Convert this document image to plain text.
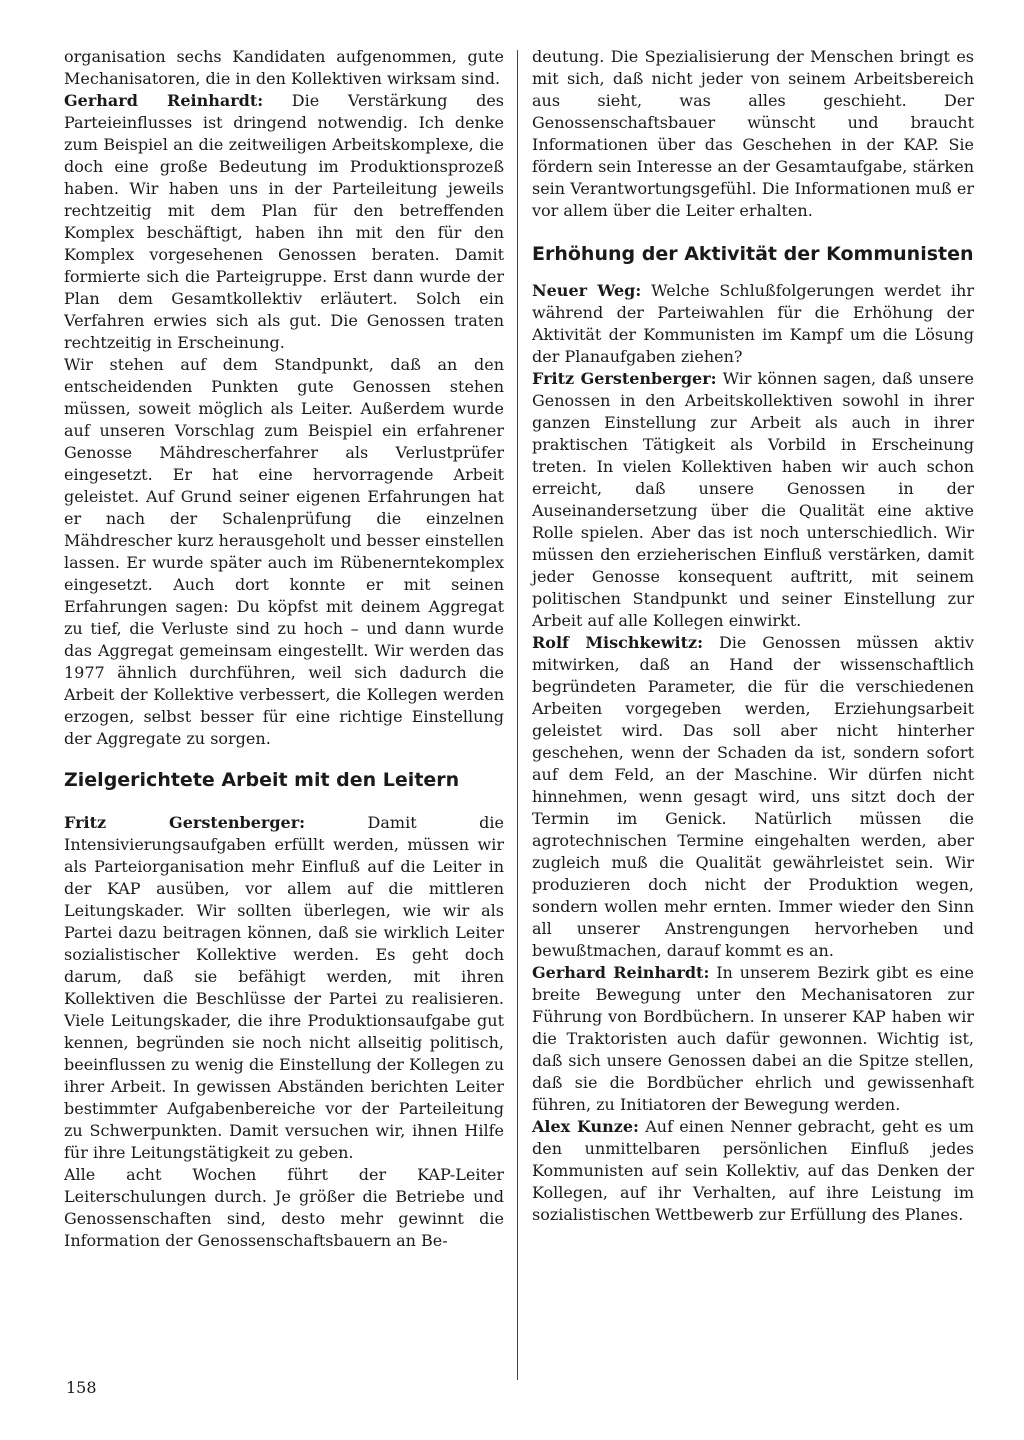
organisation sechs Kandidaten aufgenommen, gute Mechanisatoren, die in den Kollektiven wirksam sind.

Gerhard Reinhardt: Die Verstärkung des Parteieinflusses ist dringend notwendig. Ich denke zum Beispiel an die zeitweiligen Arbeitskomplexe, die doch eine große Bedeutung im Produktionsprozeß haben. Wir haben uns in der Parteileitung jeweils rechtzeitig mit dem Plan für den betreffenden Komplex beschäftigt, haben ihn mit den für den Komplex vorgesehenen Genossen beraten. Damit formierte sich die Parteigruppe. Erst dann wurde der Plan dem Gesamtkollektiv erläutert. Solch ein Verfahren erwies sich als gut. Die Genossen traten rechtzeitig in Erscheinung.

Wir stehen auf dem Standpunkt, daß an den entscheidenden Punkten gute Genossen stehen müssen, soweit möglich als Leiter. Außerdem wurde auf unseren Vorschlag zum Beispiel ein erfahrener Genosse Mähdrescherfahrer als Verlustprüfer eingesetzt. Er hat eine hervorragende Arbeit geleistet. Auf Grund seiner eigenen Erfahrungen hat er nach der Schalenprüfung die einzelnen Mähdrescher kurz herausgeholt und besser einstellen lassen. Er wurde später auch im Rübenerntekomplex eingesetzt. Auch dort konnte er mit seinen Erfahrungen sagen: Du köpfst mit deinem Aggregat zu tief, die Verluste sind zu hoch – und dann wurde das Aggregat gemeinsam eingestellt. Wir werden das 1977 ähnlich durchführen, weil sich dadurch die Arbeit der Kollektive verbessert, die Kollegen werden erzogen, selbst besser für eine richtige Einstellung der Aggregate zu sorgen.

Zielgerichtete Arbeit mit den Leitern

Fritz Gerstenberger: Damit die Intensivierungsaufgaben erfüllt werden, müssen wir als Parteiorganisation mehr Einfluß auf die Leiter in der KAP ausüben, vor allem auf die mittleren Leitungskader. Wir sollten überlegen, wie wir als Partei dazu beitragen können, daß sie wirklich Leiter sozialistischer Kollektive werden. Es geht doch darum, daß sie befähigt werden, mit ihren Kollektiven die Beschlüsse der Partei zu realisieren. Viele Leitungskader, die ihre Produktionsaufgabe gut kennen, begründen sie noch nicht allseitig politisch, beeinflussen zu wenig die Einstellung der Kollegen zu ihrer Arbeit. In gewissen Abständen berichten Leiter bestimmter Aufgabenbereiche vor der Parteileitung zu Schwerpunkten. Damit versuchen wir, ihnen Hilfe für ihre Leitungstätigkeit zu geben.

Alle acht Wochen führt der KAP-Leiter Leiterschulungen durch. Je größer die Betriebe und Genossenschaften sind, desto mehr gewinnt die Information der Genossenschaftsbauern an Be-

deutung. Die Spezialisierung der Menschen bringt es mit sich, daß nicht jeder von seinem Arbeitsbereich aus sieht, was alles geschieht. Der Genossenschaftsbauer wünscht und braucht Informationen über das Geschehen in der KAP. Sie fördern sein Interesse an der Gesamtaufgabe, stärken sein Verantwortungsgefühl. Die Informationen muß er vor allem über die Leiter erhalten.

Erhöhung der Aktivität der Kommunisten

Neuer Weg: Welche Schlußfolgerungen werdet ihr während der Parteiwahlen für die Erhöhung der Aktivität der Kommunisten im Kampf um die Lösung der Planaufgaben ziehen?

Fritz Gerstenberger: Wir können sagen, daß unsere Genossen in den Arbeitskollektiven sowohl in ihrer ganzen Einstellung zur Arbeit als auch in ihrer praktischen Tätigkeit als Vorbild in Erscheinung treten. In vielen Kollektiven haben wir auch schon erreicht, daß unsere Genossen in der Auseinandersetzung über die Qualität eine aktive Rolle spielen. Aber das ist noch unterschiedlich. Wir müssen den erzieherischen Einfluß verstärken, damit jeder Genosse konsequent auftritt, mit seinem politischen Standpunkt und seiner Einstellung zur Arbeit auf alle Kollegen einwirkt.

Rolf Mischkewitz: Die Genossen müssen aktiv mitwirken, daß an Hand der wissenschaftlich begründeten Parameter, die für die verschiedenen Arbeiten vorgegeben werden, Erziehungsarbeit geleistet wird. Das soll aber nicht hinterher geschehen, wenn der Schaden da ist, sondern sofort auf dem Feld, an der Maschine. Wir dürfen nicht hinnehmen, wenn gesagt wird, uns sitzt doch der Termin im Genick. Natürlich müssen die agrotechnischen Termine eingehalten werden, aber zugleich muß die Qualität gewährleistet sein. Wir produzieren doch nicht der Produktion wegen, sondern wollen mehr ernten. Immer wieder den Sinn all unserer Anstrengungen hervorheben und bewußtmachen, darauf kommt es an.

Gerhard Reinhardt: In unserem Bezirk gibt es eine breite Bewegung unter den Mechanisatoren zur Führung von Bordbüchern. In unserer KAP haben wir die Traktoristen auch dafür gewonnen. Wichtig ist, daß sich unsere Genossen dabei an die Spitze stellen, daß sie die Bordbücher ehrlich und gewissenhaft führen, zu Initiatoren der Bewegung werden.

Alex Kunze: Auf einen Nenner gebracht, geht es um den unmittelbaren persönlichen Einfluß jedes Kommunisten auf sein Kollektiv, auf das Denken der Kollegen, auf ihr Verhalten, auf ihre Leistung im sozialistischen Wettbewerb zur Erfüllung des Planes.

158
